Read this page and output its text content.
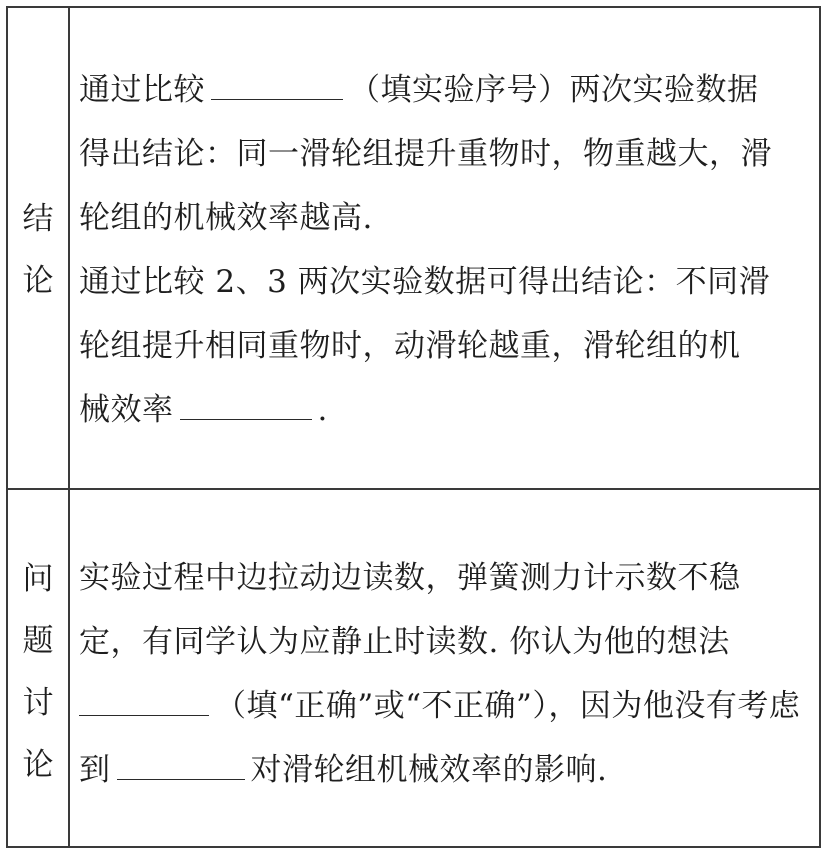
结
论
通过比较	（填实验序号）两次实验数据
得出结论：同一滑轮组提升重物时，物重越大，滑
轮组的机械效率越高.
通过比较 2、3 两次实验数据可得出结论：不同滑
轮组提升相同重物时，动滑轮越重，滑轮组的机
械效率	.
问
题
讨
论
实验过程中边拉动边读数，弹簧测力计示数不稳
定，有同学认为应静止时读数. 你认为他的想法
（填“正确”或“不正确”），因为他没有考虑
到	对滑轮组机械效率的影响.
